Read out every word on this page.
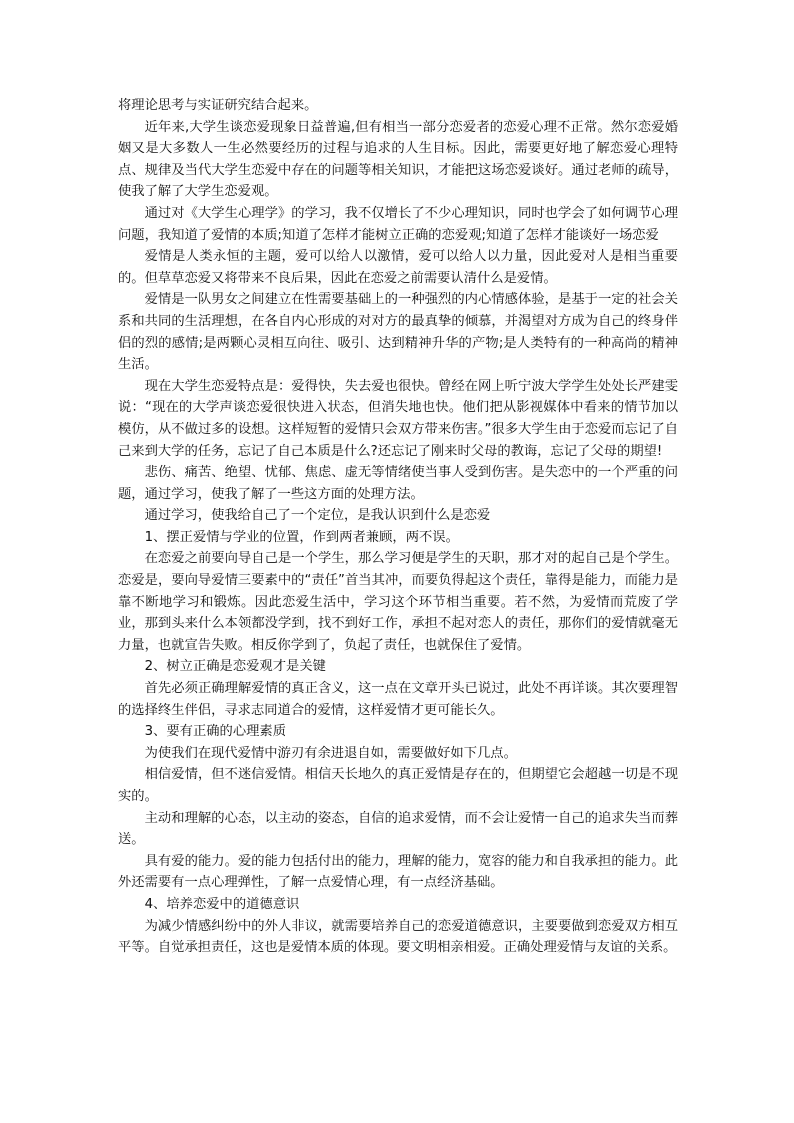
将理论思考与实证研究结合起来。

近年来,大学生谈恋爱现象日益普遍,但有相当一部分恋爱者的恋爱心理不正常。然尔恋爱婚姻又是大多数人一生必然要经历的过程与追求的人生目标。因此，需要更好地了解恋爱心理特点、规律及当代大学生恋爱中存在的问题等相关知识，才能把这场恋爱谈好。通过老师的疏导，使我了解了大学生恋爱观。

通过对《大学生心理学》的学习，我不仅增长了不少心理知识，同时也学会了如何调节心理问题，我知道了爱情的本质;知道了怎样才能树立正确的恋爱观;知道了怎样才能谈好一场恋爱

爱情是人类永恒的主题，爱可以给人以激情，爱可以给人以力量，因此爱对人是相当重要的。但草草恋爱又将带来不良后果，因此在恋爱之前需要认清什么是爱情。

爱情是一队男女之间建立在性需要基础上的一种强烈的内心情感体验，是基于一定的社会关系和共同的生活理想，在各自内心形成的对对方的最真挚的倾慕，并渴望对方成为自己的终身伴侣的烈的感情;是两颗心灵相互向往、吸引、达到精神升华的产物;是人类特有的一种高尚的精神生活。

现在大学生恋爱特点是：爱得快，失去爱也很快。曾经在网上听宁波大学学生处处长严建雯说：“现在的大学声谈恋爱很快进入状态，但消失地也快。他们把从影视媒体中看来的情节加以模仿，从不做过多的设想。这样短暂的爱情只会双方带来伤害。”很多大学生由于恋爱而忘记了自己来到大学的任务，忘记了自己本质是什么?还忘记了刚来时父母的教诲，忘记了父母的期望!

悲伤、痛苦、绝望、忧郁、焦虑、虚无等情绪使当事人受到伤害。是失恋中的一个严重的问题，通过学习，使我了解了一些这方面的处理方法。

通过学习，使我给自己了一个定位，是我认识到什么是恋爱

1、摆正爱情与学业的位置，作到两者兼顾，两不误。

在恋爱之前要向导自己是一个学生，那么学习便是学生的天职，那才对的起自己是个学生。恋爱是，要向导爱情三要素中的“责任”首当其冲，而要负得起这个责任，靠得是能力，而能力是靠不断地学习和锻炼。因此恋爱生活中，学习这个环节相当重要。若不然，为爱情而荒废了学业，那到头来什么本领都没学到，找不到好工作，承担不起对恋人的责任，那你们的爱情就毫无力量，也就宣告失败。相反你学到了，负起了责任，也就保住了爱情。

2、树立正确是恋爱观才是关键

首先必须正确理解爱情的真正含义，这一点在文章开头已说过，此处不再详谈。其次要理智的选择终生伴侣，寻求志同道合的爱情，这样爱情才更可能长久。

3、要有正确的心理素质

为使我们在现代爱情中游刃有余进退自如，需要做好如下几点。

相信爱情，但不迷信爱情。相信天长地久的真正爱情是存在的，但期望它会超越一切是不现实的。

主动和理解的心态，以主动的姿态，自信的追求爱情，而不会让爱情一自己的追求失当而葬送。

具有爱的能力。爱的能力包括付出的能力，理解的能力，宽容的能力和自我承担的能力。此外还需要有一点心理弹性，了解一点爱情心理，有一点经济基础。

4、培养恋爱中的道德意识

为减少情感纠纷中的外人非议，就需要培养自己的恋爱道德意识，主要要做到恋爱双方相互平等。自觉承担责任，这也是爱情本质的体现。要文明相亲相爱。正确处理爱情与友谊的关系。
